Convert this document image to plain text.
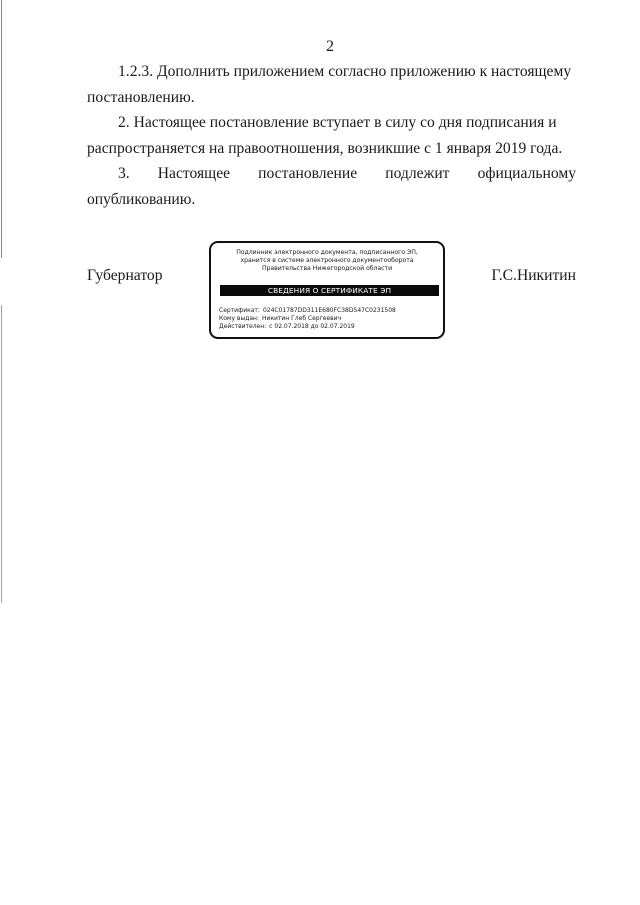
2

1.2.3. Дополнить приложением согласно приложению к настоящему
постановлению.

2. Настоящее постановление вступает в силу со дня подписания и
распространяется на правоотношения, возникшие с 1 января 2019 года.

3. Настоящее постановление подлежит официальному
опубликованию.

Губернатор	Г.С.Никитин
Подлинник электронного документа, подписанного ЭП,
хранится в системе электронного документооборота
Правительства Нижегородской области
СВЕДЕНИЯ О СЕРТИФИКАТЕ ЭП
Сертификат: 024C01787DD311E680FC38D547C0231508
Кому выдан: Никитин Глеб Сергеевич
Действителен: с 02.07.2018 до 02.07.2019
